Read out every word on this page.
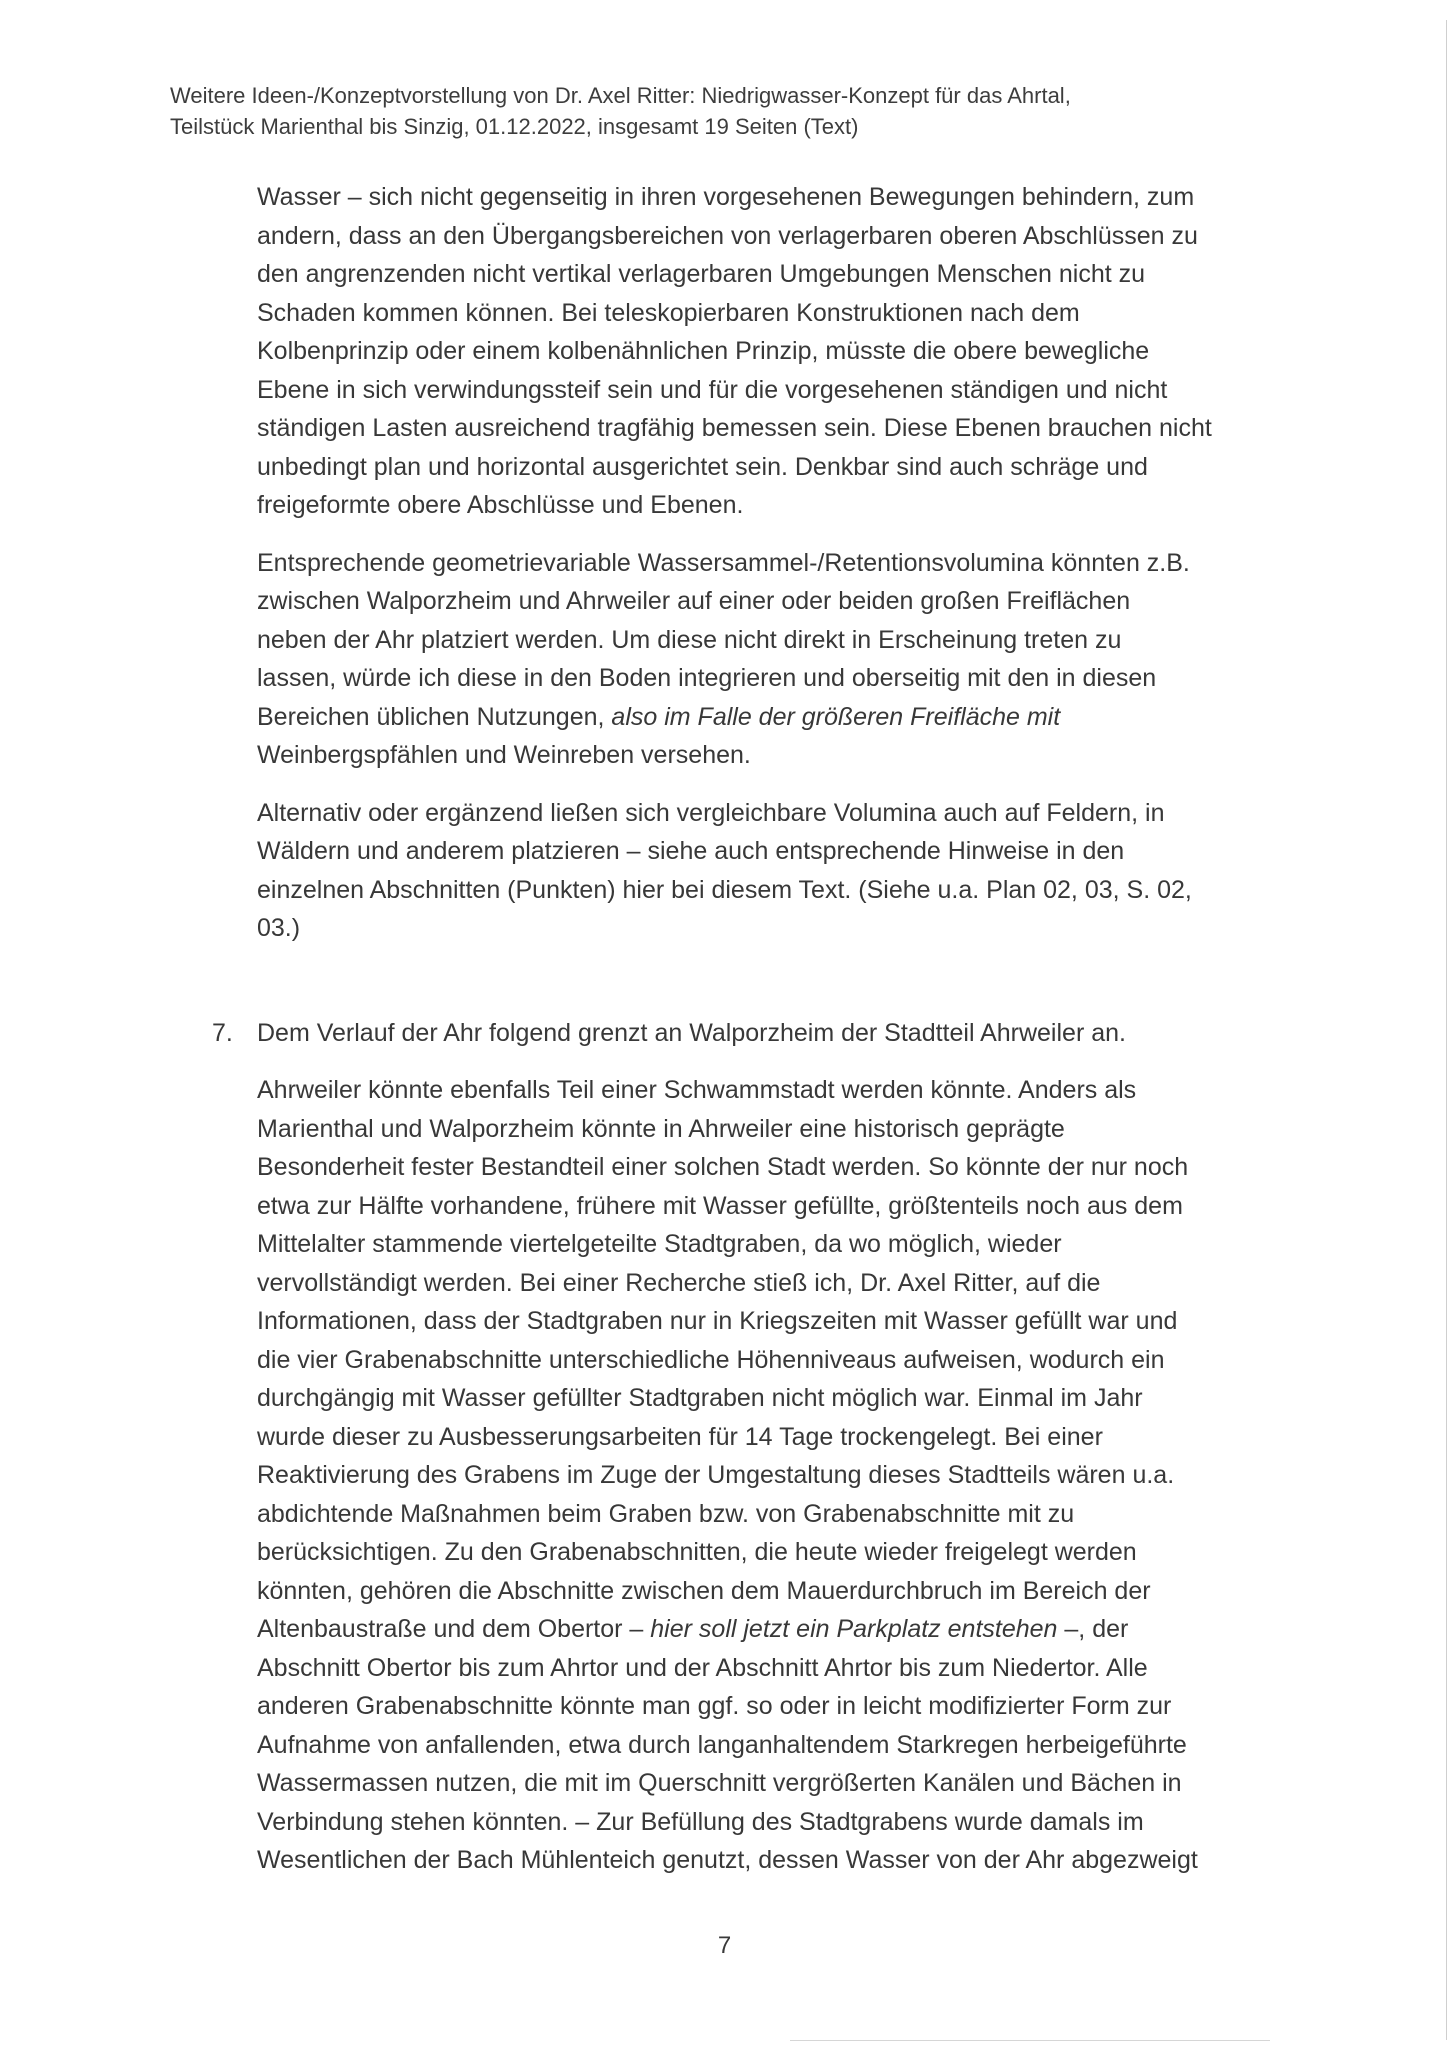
Weitere Ideen-/Konzeptvorstellung von Dr. Axel Ritter: Niedrigwasser-Konzept für das Ahrtal,
Teilstück Marienthal bis Sinzig, 01.12.2022, insgesamt 19 Seiten (Text)

Wasser – sich nicht gegenseitig in ihren vorgesehenen Bewegungen behindern, zum
andern, dass an den Übergangsbereichen von verlagerbaren oberen Abschlüssen zu
den angrenzenden nicht vertikal verlagerbaren Umgebungen Menschen nicht zu
Schaden kommen können. Bei teleskopierbaren Konstruktionen nach dem
Kolbenprinzip oder einem kolbenähnlichen Prinzip, müsste die obere bewegliche
Ebene in sich verwindungssteif sein und für die vorgesehenen ständigen und nicht
ständigen Lasten ausreichend tragfähig bemessen sein. Diese Ebenen brauchen nicht
unbedingt plan und horizontal ausgerichtet sein. Denkbar sind auch schräge und
freigeformte obere Abschlüsse und Ebenen.

Entsprechende geometrievariable Wassersammel-/Retentionsvolumina könnten z.B.
zwischen Walporzheim und Ahrweiler auf einer oder beiden großen Freiflächen
neben der Ahr platziert werden. Um diese nicht direkt in Erscheinung treten zu
lassen, würde ich diese in den Boden integrieren und oberseitig mit den in diesen
Bereichen üblichen Nutzungen, also im Falle der größeren Freifläche mit
Weinbergspfählen und Weinreben versehen.

Alternativ oder ergänzend ließen sich vergleichbare Volumina auch auf Feldern, in
Wäldern und anderem platzieren – siehe auch entsprechende Hinweise in den
einzelnen Abschnitten (Punkten) hier bei diesem Text. (Siehe u.a. Plan 02, 03, S. 02,
03.)

7. Dem Verlauf der Ahr folgend grenzt an Walporzheim der Stadtteil Ahrweiler an.

Ahrweiler könnte ebenfalls Teil einer Schwammstadt werden könnte. Anders als
Marienthal und Walporzheim könnte in Ahrweiler eine historisch geprägte
Besonderheit fester Bestandteil einer solchen Stadt werden. So könnte der nur noch
etwa zur Hälfte vorhandene, frühere mit Wasser gefüllte, größtenteils noch aus dem
Mittelalter stammende viertelgeteilte Stadtgraben, da wo möglich, wieder
vervollständigt werden. Bei einer Recherche stieß ich, Dr. Axel Ritter, auf die
Informationen, dass der Stadtgraben nur in Kriegszeiten mit Wasser gefüllt war und
die vier Grabenabschnitte unterschiedliche Höhenniveaus aufweisen, wodurch ein
durchgängig mit Wasser gefüllter Stadtgraben nicht möglich war. Einmal im Jahr
wurde dieser zu Ausbesserungsarbeiten für 14 Tage trockengelegt. Bei einer
Reaktivierung des Grabens im Zuge der Umgestaltung dieses Stadtteils wären u.a.
abdichtende Maßnahmen beim Graben bzw. von Grabenabschnitte mit zu
berücksichtigen. Zu den Grabenabschnitten, die heute wieder freigelegt werden
könnten, gehören die Abschnitte zwischen dem Mauerdurchbruch im Bereich der
Altenbaustraße und dem Obertor – hier soll jetzt ein Parkplatz entstehen –, der
Abschnitt Obertor bis zum Ahrtor und der Abschnitt Ahrtor bis zum Niedertor. Alle
anderen Grabenabschnitte könnte man ggf. so oder in leicht modifizierter Form zur
Aufnahme von anfallenden, etwa durch langanhaltendem Starkregen herbeigeführte
Wassermassen nutzen, die mit im Querschnitt vergrößerten Kanälen und Bächen in
Verbindung stehen könnten. – Zur Befüllung des Stadtgrabens wurde damals im
Wesentlichen der Bach Mühlenteich genutzt, dessen Wasser von der Ahr abgezweigt

7
